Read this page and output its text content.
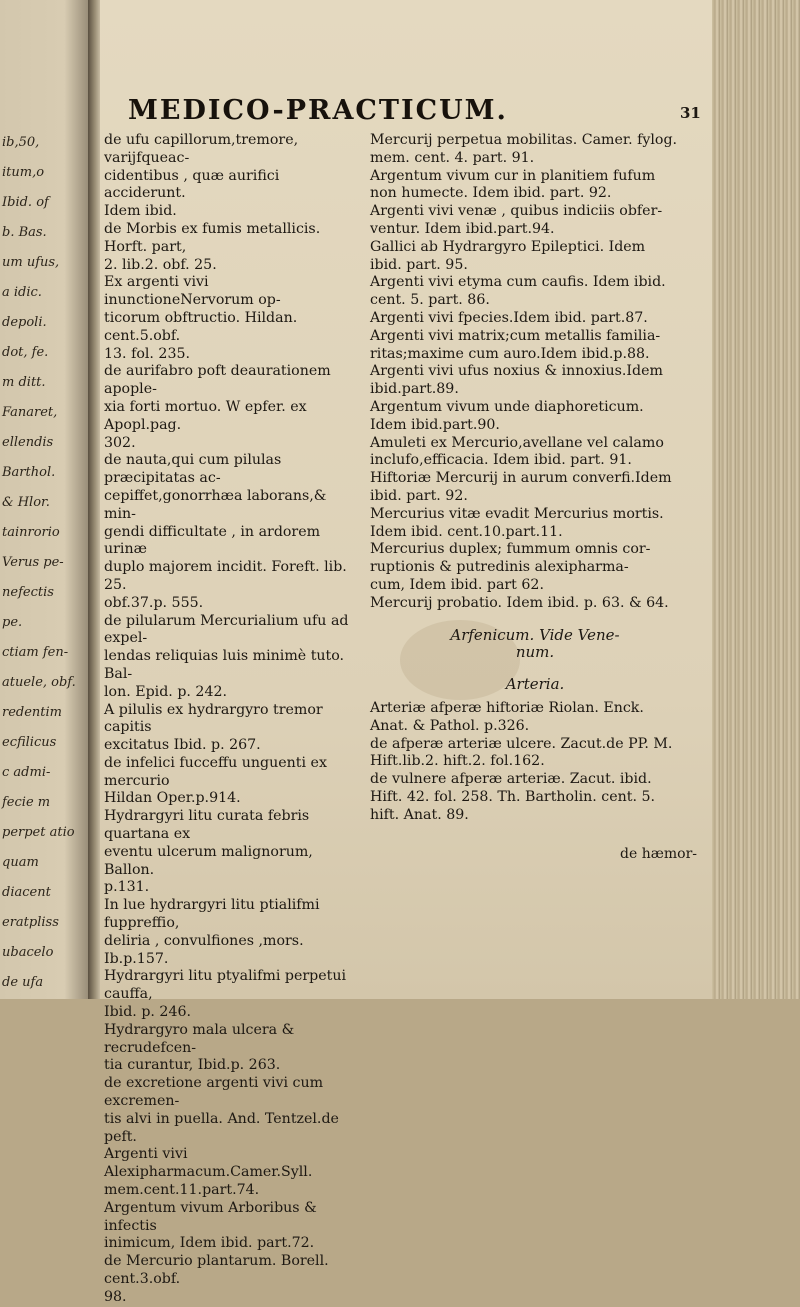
ib,50,
itum,o
Ibid. of
b. Bas.
um ufus,
a idic.
depoli.
dot, fe.
m ditt.
Fanaret,
ellendis
Barthol.
& Hlor.
tainrorio
Verus pe-
nefectis
pe.
ctiam fen-
atuele, obf.
redentim
ecfilicus
c admi-
fecie m
perpet atio
quam
diacent
eratpliss
ubacelo
de ufa
MEDICO-PRACTICUM.	31
de ufu capillorum,tremore, varijfqueac-
cidentibus , quæ aurifici acciderunt.
Idem ibid.
de Morbis ex fumis metallicis. Horft. part,
2. lib.2. obf. 25.
Ex argenti vivi inunctioneNervorum op-
ticorum obftructio. Hildan. cent.5.obf.
13. fol. 235.
de aurifabro poft deaurationem apople-
xia forti mortuo. W epfer. ex Apopl.pag.
302.
de nauta,qui cum pilulas præcipitatas ac-
cepiffet,gonorrhæa laborans,& min-
gendi difficultate , in ardorem urinæ
duplo majorem incidit. Foreft. lib. 25.
obf.37.p. 555.
de pilularum Mercurialium ufu ad expel-
lendas reliquias luis minimè tuto. Bal-
lon. Epid. p. 242.
A pilulis ex hydrargyro tremor capitis
excitatus Ibid. p. 267.
de infelici fucceffu unguenti ex mercurio
Hildan Oper.p.914.
Hydrargyri litu curata febris quartana ex
eventu ulcerum malignorum, Ballon.
p.131.
In lue hydrargyri litu ptialifmi fuppreffio,
deliria , convulfiones ,mors. Ib.p.157.
Hydrargyri litu ptyalifmi perpetui cauffa,
Ibid. p. 246.
Hydrargyro mala ulcera & recrudefcen-
tia curantur, Ibid.p. 263.
de excretione argenti vivi cum excremen-
tis alvi in puella. And. Tentzel.de peft.
Argenti vivi Alexipharmacum.Camer.Syll.
mem.cent.11.part.74.
Argentum vivum Arboribus & infectis
inimicum, Idem ibid. part.72.
de Mercurio plantarum. Borell. cent.3.obf.
98.
Mercurij perpetua mobilitas. Camer. fylog.
mem. cent. 4. part. 91.
Argentum vivum cur in planitiem fufum
non humecte. Idem ibid. part. 92.
Argenti vivi venæ , quibus indiciis obfer-
ventur. Idem ibid.part.94.
Gallici ab Hydrargyro Epileptici. Idem
ibid. part. 95.
Argenti vivi etyma cum caufis. Idem ibid.
cent. 5. part. 86.
Argenti vivi fpecies.Idem ibid. part.87.
Argenti vivi matrix;cum metallis familia-
ritas;maxime cum auro.Idem ibid.p.88.
Argenti vivi ufus noxius & innoxius.Idem
ibid.part.89.
Argentum vivum unde diaphoreticum.
Idem ibid.part.90.
Amuleti ex Mercurio,avellane vel calamo
inclufo,efficacia. Idem ibid. part. 91.
Hiftoriæ Mercurij in aurum converfi.Idem
ibid. part. 92.
Mercurius vitæ evadit Mercurius mortis.
Idem ibid. cent.10.part.11.
Mercurius duplex; fummum omnis cor-
ruptionis & putredinis alexipharma-
cum, Idem ibid. part 62.
Mercurij probatio. Idem ibid. p. 63. & 64.
Arfenicum. Vide Vene-
num.
Arteria.
Arteriæ afperæ hiftoriæ Riolan. Enck.
Anat. & Pathol. p.326.
de afperæ arteriæ ulcere. Zacut.de PP. M.
Hift.lib.2. hift.2. fol.162.
de vulnere afperæ arteriæ. Zacut. ibid.
Hift. 42. fol. 258. Th. Bartholin. cent. 5.
hift. Anat. 89.
de hæmor-
